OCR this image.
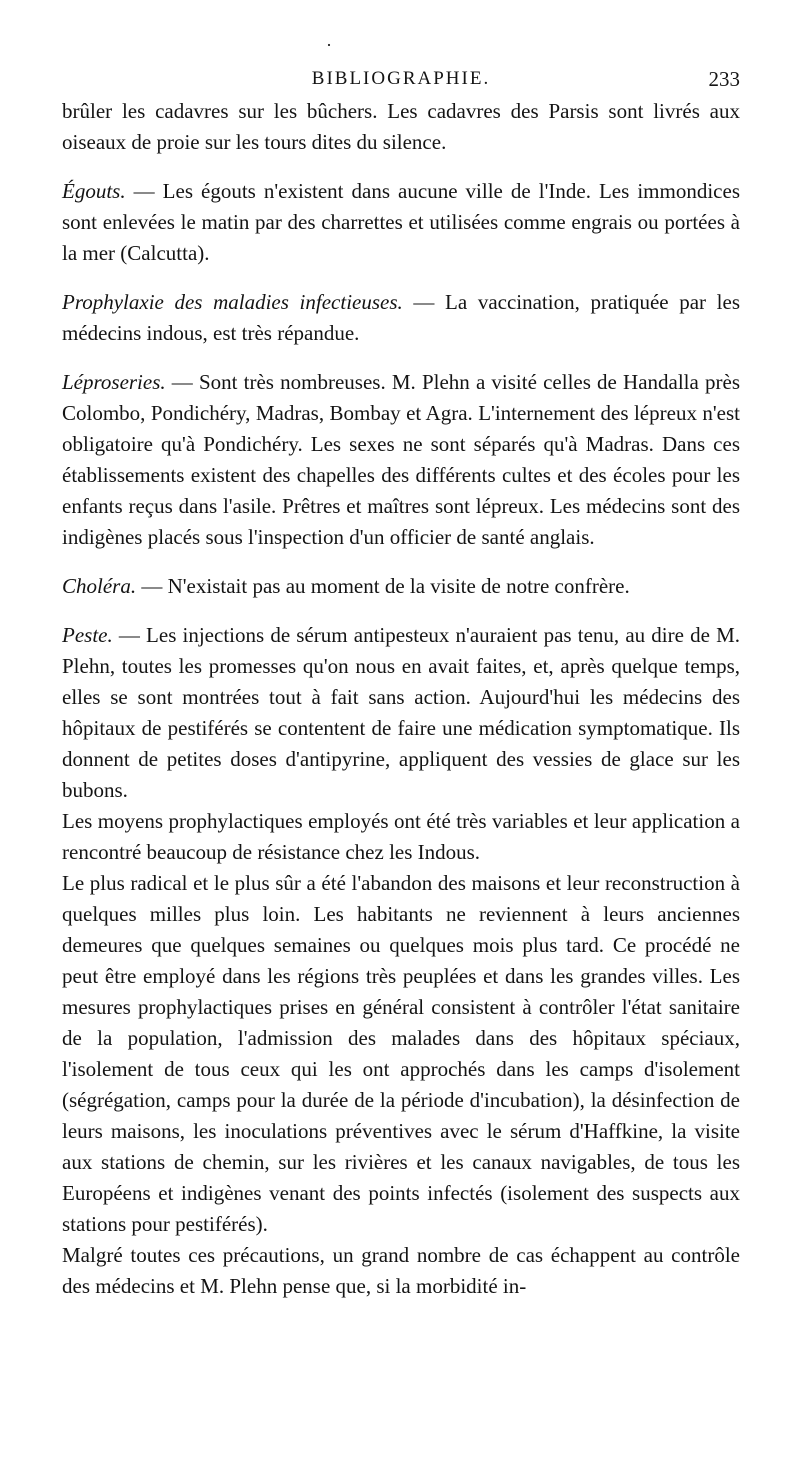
·
BIBLIOGRAPHIE.	233

brûler les cadavres sur les bûchers. Les cadavres des Parsis sont livrés aux oiseaux de proie sur les tours dites du silence.

Égouts. — Les égouts n'existent dans aucune ville de l'Inde. Les immondices sont enlevées le matin par des charrettes et utilisées comme engrais ou portées à la mer (Calcutta).

Prophylaxie des maladies infectieuses. — La vaccination, pratiquée par les médecins indous, est très répandue.

Léproseries. — Sont très nombreuses. M. Plehn a visité celles de Handalla près Colombo, Pondichéry, Madras, Bombay et Agra. L'internement des lépreux n'est obligatoire qu'à Pondichéry. Les sexes ne sont séparés qu'à Madras. Dans ces établissements existent des chapelles des différents cultes et des écoles pour les enfants reçus dans l'asile. Prêtres et maîtres sont lépreux. Les médecins sont des indigènes placés sous l'inspection d'un officier de santé anglais.

Choléra. — N'existait pas au moment de la visite de notre confrère.

Peste. — Les injections de sérum antipesteux n'auraient pas tenu, au dire de M. Plehn, toutes les promesses qu'on nous en avait faites, et, après quelque temps, elles se sont montrées tout à fait sans action. Aujourd'hui les médecins des hôpitaux de pestiférés se contentent de faire une médication symptomatique. Ils donnent de petites doses d'antipyrine, appliquent des vessies de glace sur les bubons.

Les moyens prophylactiques employés ont été très variables et leur application a rencontré beaucoup de résistance chez les Indous.

Le plus radical et le plus sûr a été l'abandon des maisons et leur reconstruction à quelques milles plus loin. Les habitants ne reviennent à leurs anciennes demeures que quelques semaines ou quelques mois plus tard. Ce procédé ne peut être employé dans les régions très peuplées et dans les grandes villes. Les mesures prophylactiques prises en général consistent à contrôler l'état sanitaire de la population, l'admission des malades dans des hôpitaux spéciaux, l'isolement de tous ceux qui les ont approchés dans les camps d'isolement (ségrégation, camps pour la durée de la période d'incubation), la désinfection de leurs maisons, les inoculations préventives avec le sérum d'Haffkine, la visite aux stations de chemin, sur les rivières et les canaux navigables, de tous les Européens et indigènes venant des points infectés (isolement des suspects aux stations pour pestiférés).

Malgré toutes ces précautions, un grand nombre de cas échappent au contrôle des médecins et M. Plehn pense que, si la morbidité in-
